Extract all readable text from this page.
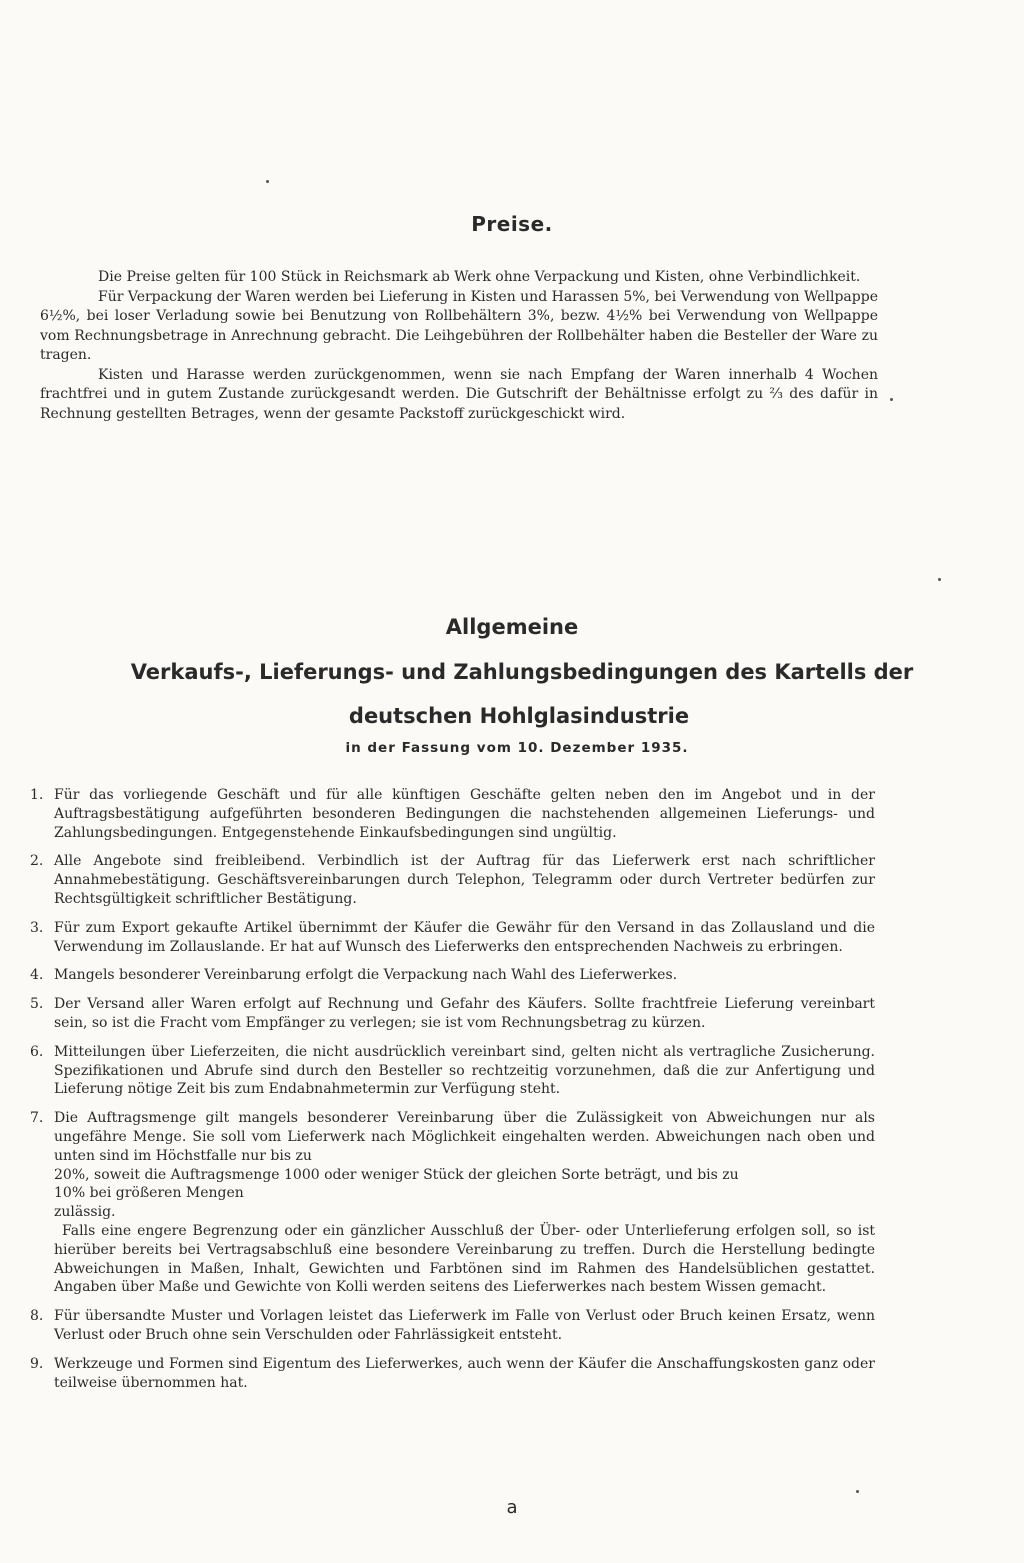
Preise.

Die Preise gelten für 100 Stück in Reichsmark ab Werk ohne Verpackung und Kisten, ohne Verbindlichkeit.

Für Verpackung der Waren werden bei Lieferung in Kisten und Harassen 5%, bei Verwendung von Wellpappe 6½%, bei loser Verladung sowie bei Benutzung von Rollbehältern 3%, bezw. 4½% bei Verwendung von Wellpappe vom Rechnungsbetrage in Anrechnung gebracht. Die Leihgebühren der Rollbehälter haben die Besteller der Ware zu tragen.

Kisten und Harasse werden zurückgenommen, wenn sie nach Empfang der Waren innerhalb 4 Wochen frachtfrei und in gutem Zustande zurückgesandt werden. Die Gutschrift der Behältnisse erfolgt zu ⅔ des dafür in Rechnung gestellten Betrages, wenn der gesamte Packstoff zurückgeschickt wird.

Allgemeine
Verkaufs-, Lieferungs- und Zahlungsbedingungen des Kartells der
deutschen Hohlglasindustrie
in der Fassung vom 10. Dezember 1935.
1. Für das vorliegende Geschäft und für alle künftigen Geschäfte gelten neben den im Angebot und in der Auftragsbestätigung aufgeführten besonderen Bedingungen die nachstehenden allgemeinen Lieferungs- und Zahlungsbedingungen. Entgegenstehende Einkaufsbedingungen sind ungültig.
2. Alle Angebote sind freibleibend. Verbindlich ist der Auftrag für das Lieferwerk erst nach schriftlicher Annahmebestätigung. Geschäftsvereinbarungen durch Telephon, Telegramm oder durch Vertreter bedürfen zur Rechtsgültigkeit schriftlicher Bestätigung.
3. Für zum Export gekaufte Artikel übernimmt der Käufer die Gewähr für den Versand in das Zollausland und die Verwendung im Zollauslande. Er hat auf Wunsch des Lieferwerks den entsprechenden Nachweis zu erbringen.
4. Mangels besonderer Vereinbarung erfolgt die Verpackung nach Wahl des Lieferwerkes.
5. Der Versand aller Waren erfolgt auf Rechnung und Gefahr des Käufers. Sollte frachtfreie Lieferung vereinbart sein, so ist die Fracht vom Empfänger zu verlegen; sie ist vom Rechnungsbetrag zu kürzen.
6. Mitteilungen über Lieferzeiten, die nicht ausdrücklich vereinbart sind, gelten nicht als vertragliche Zusicherung. Spezifikationen und Abrufe sind durch den Besteller so rechtzeitig vorzunehmen, daß die zur Anfertigung und Lieferung nötige Zeit bis zum Endabnahmetermin zur Verfügung steht.
7. Die Auftragsmenge gilt mangels besonderer Vereinbarung über die Zulässigkeit von Abweichungen nur als ungefähre Menge. Sie soll vom Lieferwerk nach Möglichkeit eingehalten werden. Abweichungen nach oben und unten sind im Höchstfalle nur bis zu
20%, soweit die Auftragsmenge 1000 oder weniger Stück der gleichen Sorte beträgt, und bis zu
10% bei größeren Mengen
zulässig.
Falls eine engere Begrenzung oder ein gänzlicher Ausschluß der Über- oder Unterlieferung erfolgen soll, so ist hierüber bereits bei Vertragsabschluß eine besondere Vereinbarung zu treffen. Durch die Herstellung bedingte Abweichungen in Maßen, Inhalt, Gewichten und Farbtönen sind im Rahmen des Handelsüblichen gestattet. Angaben über Maße und Gewichte von Kolli werden seitens des Lieferwerkes nach bestem Wissen gemacht.
8. Für übersandte Muster und Vorlagen leistet das Lieferwerk im Falle von Verlust oder Bruch keinen Ersatz, wenn Verlust oder Bruch ohne sein Verschulden oder Fahrlässigkeit entsteht.
9. Werkzeuge und Formen sind Eigentum des Lieferwerkes, auch wenn der Käufer die Anschaffungskosten ganz oder teilweise übernommen hat.
a
